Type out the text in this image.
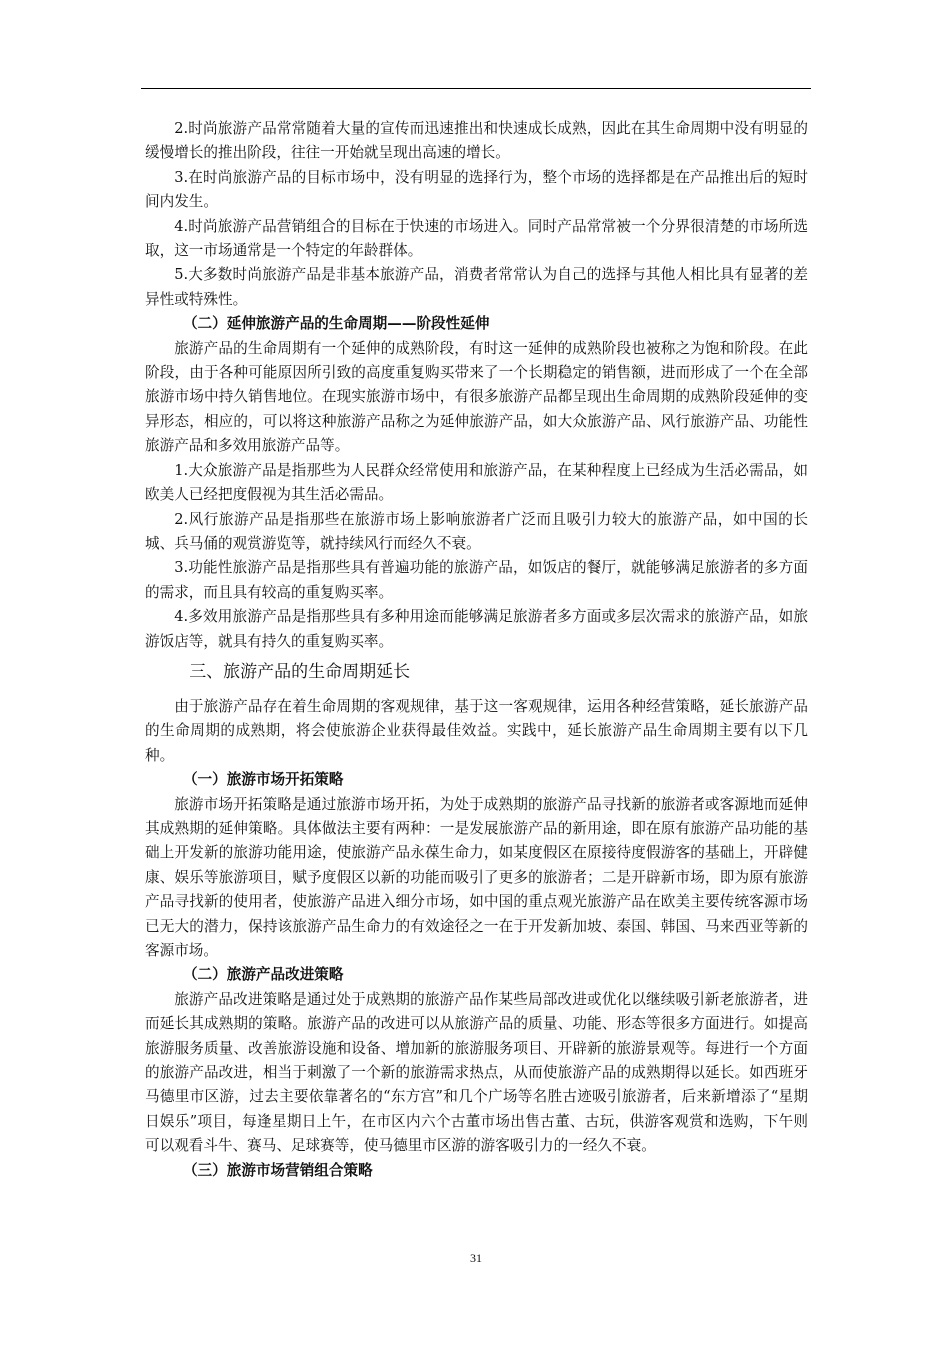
2.时尚旅游产品常常随着大量的宣传而迅速推出和快速成长成熟，因此在其生命周期中没有明显的缓慢增长的推出阶段，往往一开始就呈现出高速的增长。

3.在时尚旅游产品的目标市场中，没有明显的选择行为，整个市场的选择都是在产品推出后的短时间内发生。

4.时尚旅游产品营销组合的目标在于快速的市场进入。同时产品常常被一个分界很清楚的市场所选取，这一市场通常是一个特定的年龄群体。

5.大多数时尚旅游产品是非基本旅游产品，消费者常常认为自己的选择与其他人相比具有显著的差异性或特殊性。

（二）延伸旅游产品的生命周期——阶段性延伸

旅游产品的生命周期有一个延伸的成熟阶段，有时这一延伸的成熟阶段也被称之为饱和阶段。在此阶段，由于各种可能原因所引致的高度重复购买带来了一个长期稳定的销售额，进而形成了一个在全部旅游市场中持久销售地位。在现实旅游市场中，有很多旅游产品都呈现出生命周期的成熟阶段延伸的变异形态，相应的，可以将这种旅游产品称之为延伸旅游产品，如大众旅游产品、风行旅游产品、功能性旅游产品和多效用旅游产品等。

1.大众旅游产品是指那些为人民群众经常使用和旅游产品，在某种程度上已经成为生活必需品，如欧美人已经把度假视为其生活必需品。

2.风行旅游产品是指那些在旅游市场上影响旅游者广泛而且吸引力较大的旅游产品，如中国的长城、兵马俑的观赏游览等，就持续风行而经久不衰。

3.功能性旅游产品是指那些具有普遍功能的旅游产品，如饭店的餐厅，就能够满足旅游者的多方面的需求，而且具有较高的重复购买率。

4.多效用旅游产品是指那些具有多种用途而能够满足旅游者多方面或多层次需求的旅游产品，如旅游饭店等，就具有持久的重复购买率。

三、旅游产品的生命周期延长

由于旅游产品存在着生命周期的客观规律，基于这一客观规律，运用各种经营策略，延长旅游产品的生命周期的成熟期，将会使旅游企业获得最佳效益。实践中，延长旅游产品生命周期主要有以下几种。

（一）旅游市场开拓策略

旅游市场开拓策略是通过旅游市场开拓，为处于成熟期的旅游产品寻找新的旅游者或客源地而延伸其成熟期的延伸策略。具体做法主要有两种：一是发展旅游产品的新用途，即在原有旅游产品功能的基础上开发新的旅游功能用途，使旅游产品永葆生命力，如某度假区在原接待度假游客的基础上，开辟健康、娱乐等旅游项目，赋予度假区以新的功能而吸引了更多的旅游者；二是开辟新市场，即为原有旅游产品寻找新的使用者，使旅游产品进入细分市场，如中国的重点观光旅游产品在欧美主要传统客源市场已无大的潜力，保持该旅游产品生命力的有效途径之一在于开发新加坡、泰国、韩国、马来西亚等新的客源市场。

（二）旅游产品改进策略

旅游产品改进策略是通过处于成熟期的旅游产品作某些局部改进或优化以继续吸引新老旅游者，进而延长其成熟期的策略。旅游产品的改进可以从旅游产品的质量、功能、形态等很多方面进行。如提高旅游服务质量、改善旅游设施和设备、增加新的旅游服务项目、开辟新的旅游景观等。每进行一个方面的旅游产品改进，相当于刺激了一个新的旅游需求热点，从而使旅游产品的成熟期得以延长。如西班牙马德里市区游，过去主要依靠著名的“东方宫”和几个广场等名胜古迹吸引旅游者，后来新增添了“星期日娱乐”项目，每逢星期日上午，在市区内六个古董市场出售古董、古玩，供游客观赏和选购，下午则可以观看斗牛、赛马、足球赛等，使马德里市区游的游客吸引力的一经久不衰。

（三）旅游市场营销组合策略
31
